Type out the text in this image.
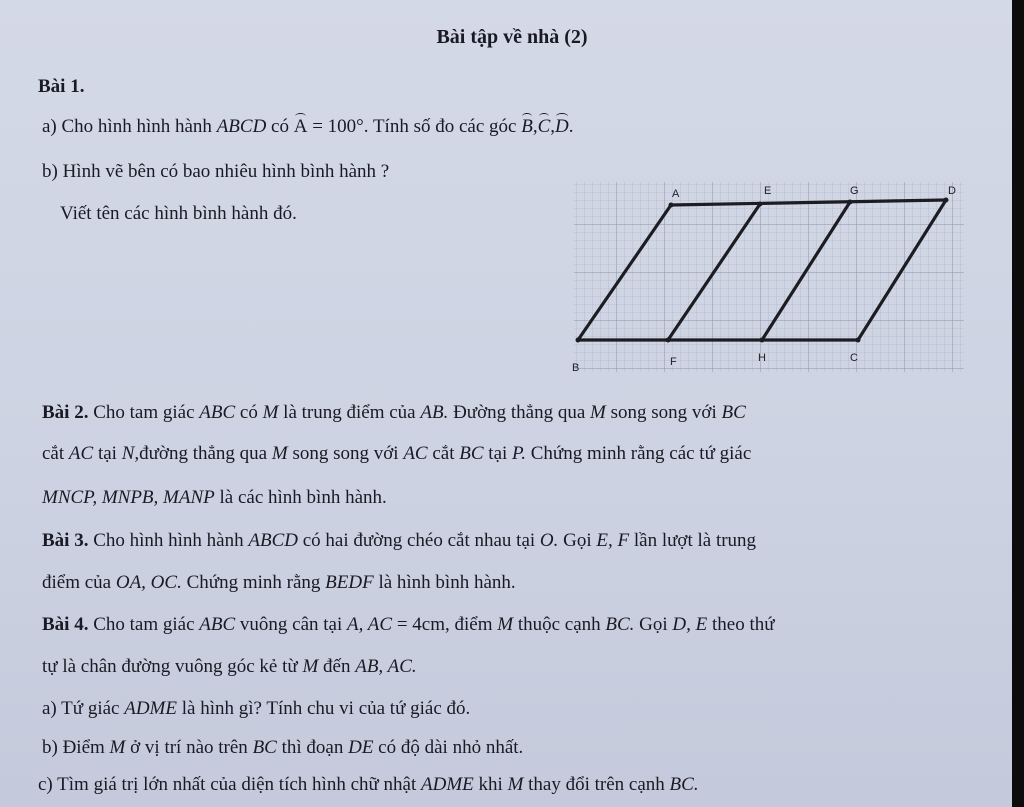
Bài tập về nhà (2)
Bài 1.
a) Cho hình hình hành ABCD có A = 100°. Tính số đo các góc B,C,D.
b) Hình vẽ bên có bao nhiêu hình bình hành ?
Viết tên các hình bình hành đó.
A	E	G	D
B	F	H	C
Bài 2. Cho tam giác ABC có M là trung điểm của AB. Đường thẳng qua M song song với BC
cắt AC tại N,đường thẳng qua M song song với AC cắt BC tại P. Chứng minh rằng các tứ giác
MNCP, MNPB, MANP là các hình bình hành.
Bài 3. Cho hình hình hành ABCD có hai đường chéo cắt nhau tại O. Gọi E, F lần lượt là trung
điểm của OA, OC. Chứng minh rằng BEDF là hình bình hành.
Bài 4. Cho tam giác ABC vuông cân tại A, AC = 4cm, điểm M thuộc cạnh BC. Gọi D, E theo thứ
tự là chân đường vuông góc kẻ từ M đến AB, AC.
a) Tứ giác ADME là hình gì? Tính chu vi của tứ giác đó.
b) Điểm M ở vị trí nào trên BC thì đoạn DE có độ dài nhỏ nhất.
c) Tìm giá trị lớn nhất của diện tích hình chữ nhật ADME khi M thay đổi trên cạnh BC.
